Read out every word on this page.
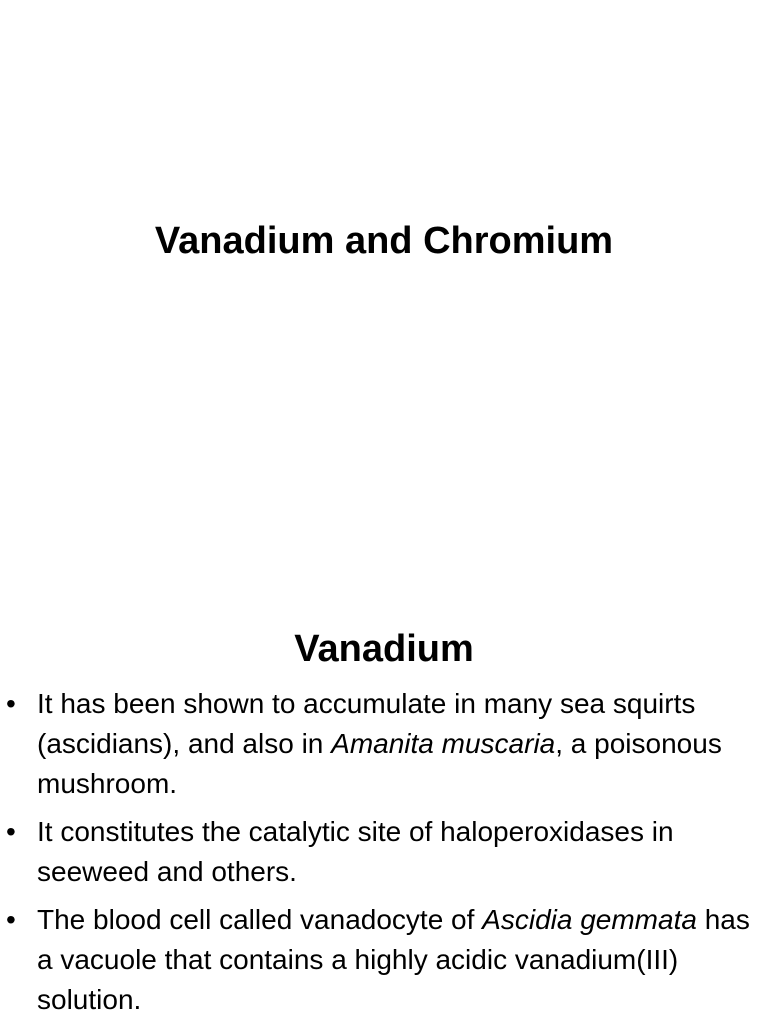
Vanadium and Chromium
Vanadium
• It has been shown to accumulate in many sea squirts (ascidians), and also in Amanita muscaria, a poisonous mushroom.
• It constitutes the catalytic site of haloperoxidases in seeweed and others.
• The blood cell called vanadocyte of Ascidia gemmata has a vacuole that contains a highly acidic vanadium(III) solution.
